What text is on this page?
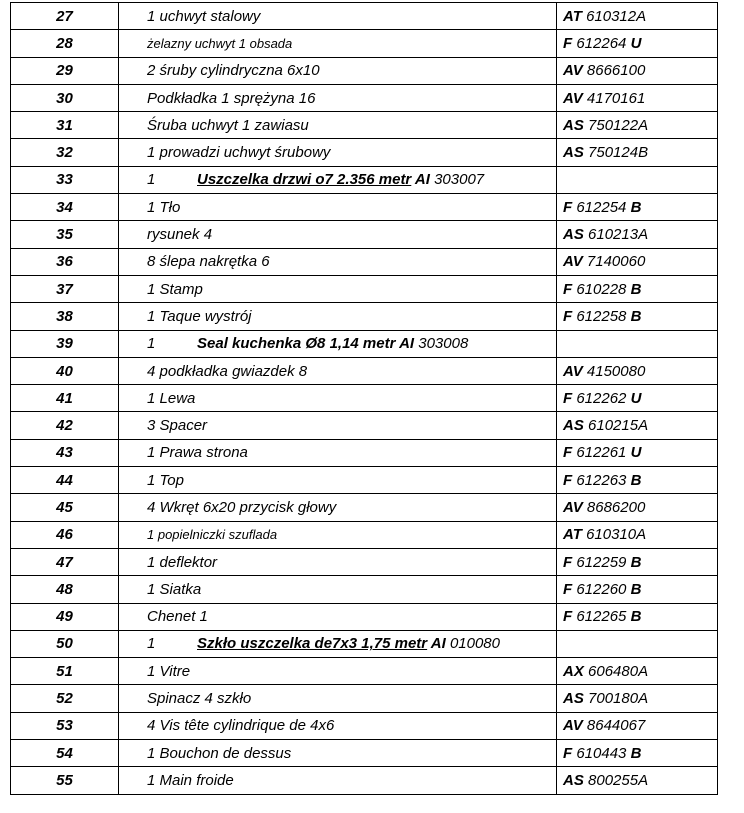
27	1 uchwyt stalowy	AT 610312A
28	żelazny uchwyt 1 obsada	F 612264 U
29	2 śruby cylindryczna 6x10	AV 8666100
30	Podkładka 1 sprężyna 16	AV 4170161
31	Śruba uchwyt 1 zawiasu	AS 750122A
32	1 prowadzi uchwyt śrubowy	AS 750124B
33	1 Uszczelka drzwi o7 2.356 metr AI 303007	
34	1 Tło	F 612254 B
35	rysunek 4	AS 610213A
36	8 ślepa nakrętka 6	AV 7140060
37	1 Stamp	F 610228 B
38	1 Taque wystrój	F 612258 B
39	1 Seal kuchenka Ø8 1,14 metr AI 303008	
40	4 podkładka gwiazdek 8	AV 4150080
41	1 Lewa	F 612262 U
42	3 Spacer	AS 610215A
43	1 Prawa strona	F 612261 U
44	1 Top	F 612263 B
45	4 Wkręt 6x20 przycisk głowy	AV 8686200
46	1 popielniczki szuflada	AT 610310A
47	1 deflektor	F 612259 B
48	1 Siatka	F 612260 B
49	Chenet 1	F 612265 B
50	1 Szkło uszczelka de7x3 1,75 metr AI 010080	
51	1 Vitre	AX 606480A
52	Spinacz 4 szkło	AS 700180A
53	4 Vis tête cylindrique de 4x6	AV 8644067
54	1 Bouchon de dessus	F 610443 B
55	1 Main froide	AS 800255A
